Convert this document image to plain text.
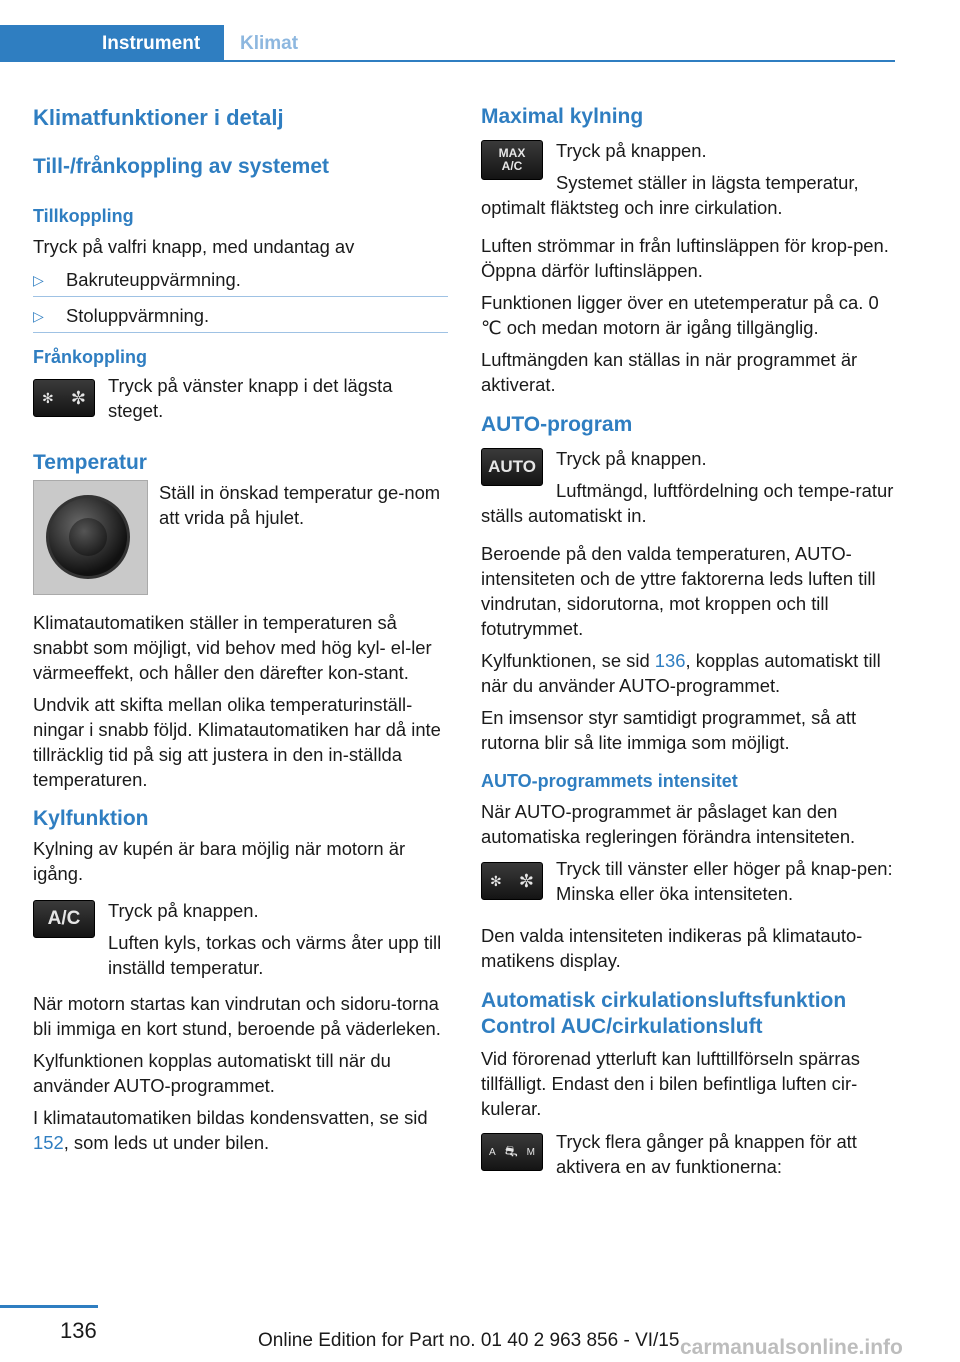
Instrument	Klimat
Klimatfunktioner i detalj
Till-/frånkoppling av systemet
Tillkoppling

Tryck på valfri knapp, med undantag av

▷ Bakruteuppvärmning.
▷ Stoluppvärmning.
Frånkoppling
✻ ✼

Tryck på vänster knapp i det lägsta steget.

Temperatur

Ställ in önskad temperatur ge-nom att vrida på hjulet.

Klimatautomatiken ställer in temperaturen så snabbt som möjligt, vid behov med hög kyl- el-ler värmeeffekt, och håller den därefter kon-stant.

Undvik att skifta mellan olika temperaturinställ-ningar i snabb följd. Klimatautomatiken har då inte tillräcklig tid på sig att justera in den in-ställda temperaturen.

Kylfunktion

Kylning av kupén är bara möjlig när motorn är igång.

A/C	Tryck på knappen.

Luften kyls, torkas och värms åter upp till inställd temperatur.

När motorn startas kan vindrutan och sidoru-torna bli immiga en kort stund, beroende på väderleken.

Kylfunktionen kopplas automatiskt till när du använder AUTO-programmet.

I klimatautomatiken bildas kondensvatten, se sid 152, som leds ut under bilen.

Maximal kylning
MAX
A/C

Tryck på knappen.

Systemet ställer in lägsta temperatur, optimalt fläktsteg och inre cirkulation.

Luften strömmar in från luftinsläppen för krop-pen. Öppna därför luftinsläppen.

Funktionen ligger över en utetemperatur på ca. 0 ℃ och medan motorn är igång tillgänglig.

Luftmängden kan ställas in när programmet är aktiverat.

AUTO-program
AUTO	Tryck på knappen.

Luftmängd, luftfördelning och tempe-ratur ställs automatiskt in.

Beroende på den valda temperaturen, AUTO-intensiteten och de yttre faktorerna leds luften till vindrutan, sidorutorna, mot kroppen och till fotutrymmet.

Kylfunktionen, se sid 136, kopplas automatiskt till när du använder AUTO-programmet.

En imsensor styr samtidigt programmet, så att rutorna blir så lite immiga som möjligt.

AUTO-programmets intensitet

När AUTO-programmet är påslaget kan den automatiska regleringen förändra intensiteten.

✻ ✼

Tryck till vänster eller höger på knap-pen: Minska eller öka intensiteten.

Den valda intensiteten indikeras på klimatauto-matikens display.

Automatisk cirkulationsluftsfunktion Control AUC/cirkulationsluft

Vid förorenad ytterluft kan lufttillförseln spärras tillfälligt. Endast den i bilen befintliga luften cir-kulerar.

A ⛐ M	Tryck flera gånger på knappen för att aktivera en av funktionerna:

136	Online Edition for Part no. 01 40 2 963 856 - VI/15 carmanualsonline.info
